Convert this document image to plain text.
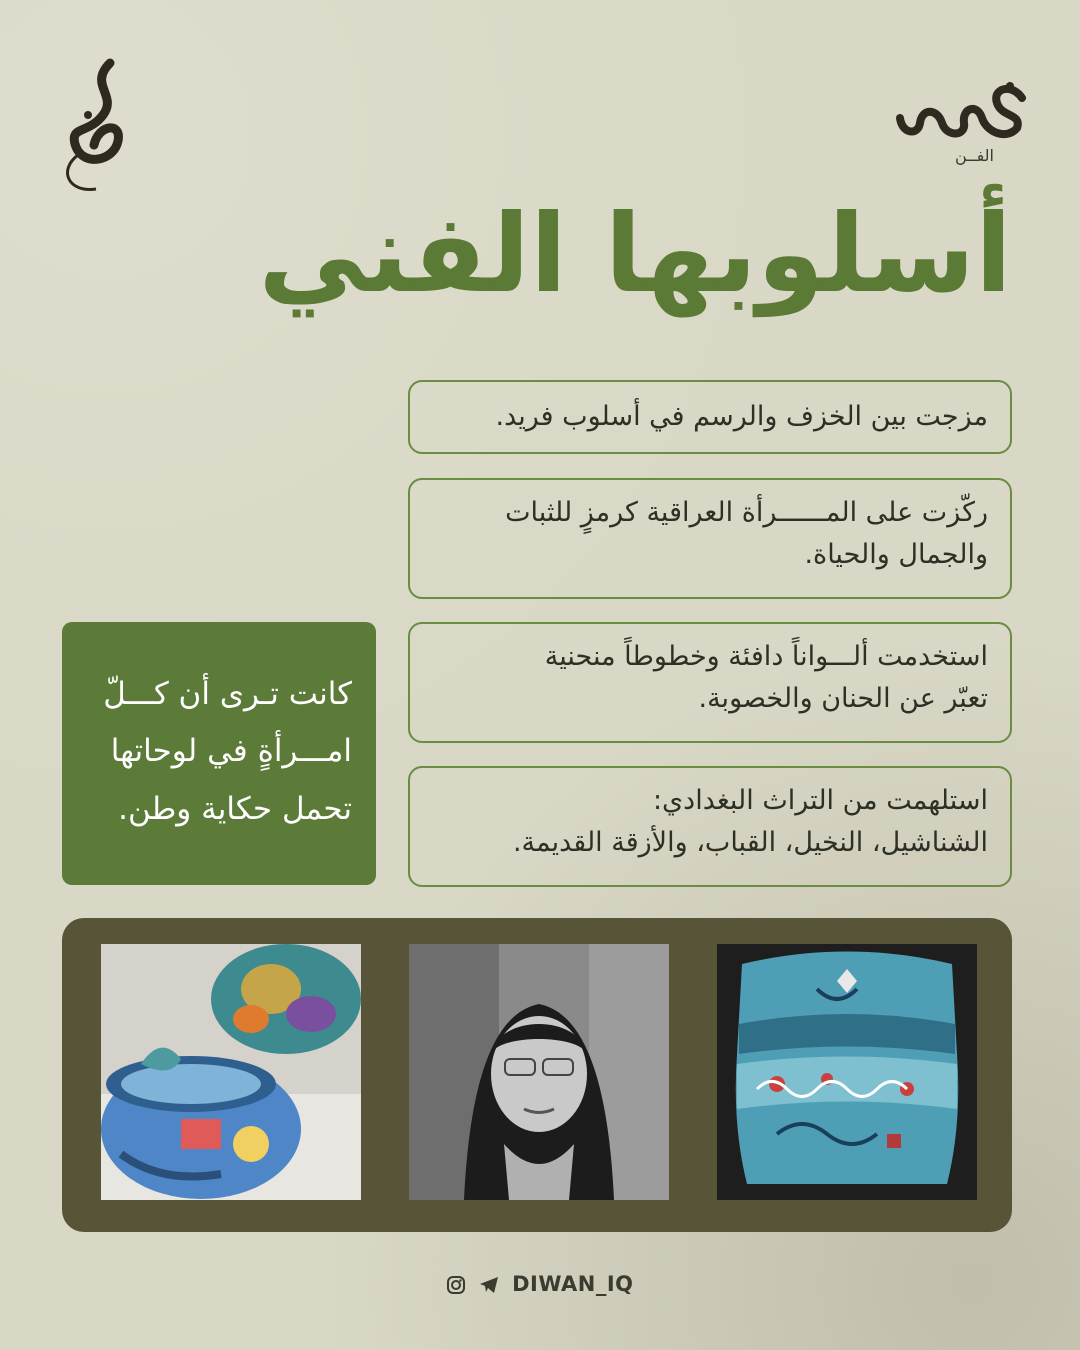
الفــن
أسلوبها الفني
مزجت بين الخزف والرسم في أسلوب فريد.
ركّزت على المــــــرأة العراقية كرمزٍ للثبات
والجمال والحياة.
استخدمت ألـــواناً دافئة وخطوطاً منحنية
تعبّر عن الحنان والخصوبة.
استلهمت من التراث البغدادي:
الشناشيل، النخيل، القباب، والأزقة القديمة.
كانت تـرى أن كـــلّ
امـــرأةٍ في لوحاتها
تحمل حكاية وطن.
DIWAN_IQ
